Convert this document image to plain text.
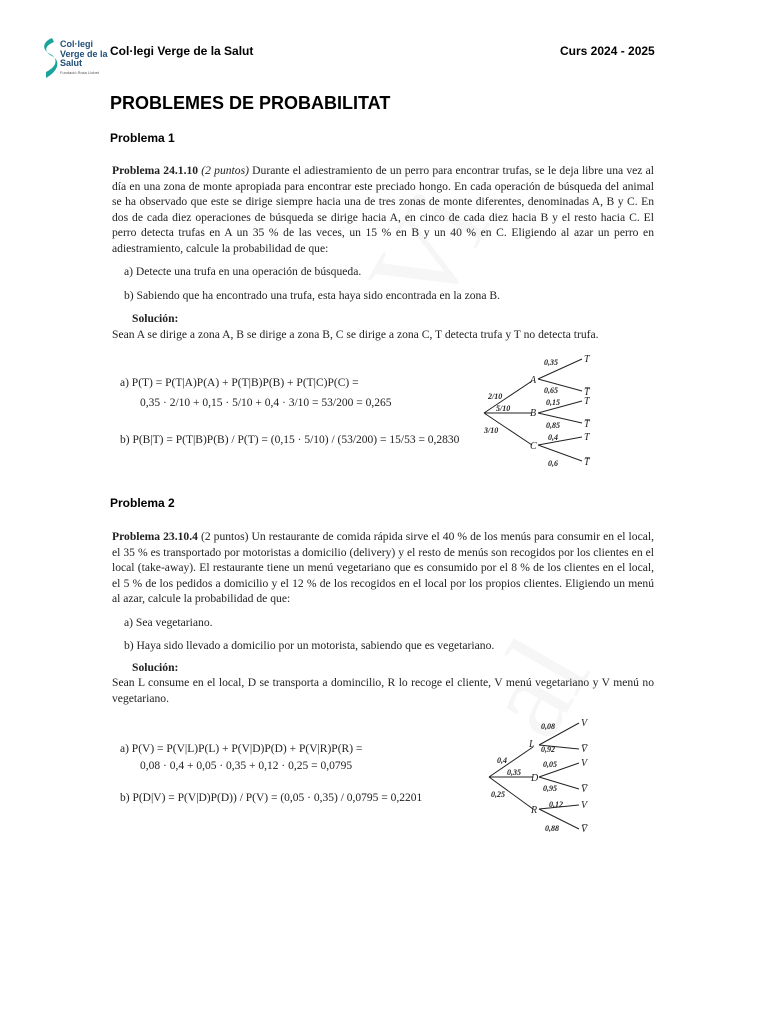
Col·legi
Verge de la
Salut
Fundació Rosa Llobet
Col·legi Verge de la Salut	Curs 2024 - 2025
PROBLEMES DE PROBABILITAT
Problema 1

Problema 24.1.10 (2 puntos) Durante el adiestramiento de un perro para encontrar trufas, se le deja libre una vez al día en una zona de monte apropiada para encontrar este preciado hongo. En cada operación de búsqueda del animal se ha observado que este se dirige siempre hacia una de tres zonas de monte diferentes, denominadas A, B y C. En dos de cada diez operaciones de búsqueda se dirige hacia A, en cinco de cada diez hacia B y el resto hacia C. El perro detecta trufas en A un 35 % de las veces, un 15 % en B y un 40 % en C. Eligiendo al azar un perro en adiestramiento, calcule la probabilidad de que:

a) Detecte una trufa en una operación de búsqueda.

b) Sabiendo que ha encontrado una trufa, esta haya sido encontrada en la zona B.

Solución:

Sean A se dirige a zona A, B se dirige a zona B, C se dirige a zona C, T detecta trufa y T no detecta trufa.

a) P(T) = P(T|A)P(A) + P(T|B)P(B) + P(T|C)P(C) =
0,35 · 2/10 + 0,15 · 5/10 + 0,4 · 3/10 = 53/200 = 0,265
b) P(B|T) = P(T|B)P(B) / P(T) = (0,15 · 5/10) / (53/200) = 15/53 = 0,2830
2/10
5/10
3/10
0,35
0,65
0,15
0,85
0,4
0,6
A
B
C
T
T̅
T
T̅
T
T̅
Problema 2

Problema 23.10.4 (2 puntos) Un restaurante de comida rápida sirve el 40 % de los menús para consumir en el local, el 35 % es transportado por motoristas a domicilio (delivery) y el resto de menús son recogidos por los clientes en el local (take-away). El restaurante tiene un menú vegetariano que es consumido por el 8 % de los clientes en el local, el 5 % de los pedidos a domicilio y el 12 % de los recogidos en el local por los propios clientes. Eligiendo un menú al azar, calcule la probabilidad de que:

a) Sea vegetariano.

b) Haya sido llevado a domicilio por un motorista, sabiendo que es vegetariano.

Solución:

Sean L consume en el local, D se transporta a domincilio, R lo recoge el cliente, V menú vegetariano y V menú no vegetariano.

a) P(V) = P(V|L)P(L) + P(V|D)P(D) + P(V|R)P(R) =
0,08 · 0,4 + 0,05 · 0,35 + 0,12 · 0,25 = 0,0795
b) P(D|V) = P(V|D)P(D)) / P(V) = (0,05 · 0,35) / 0,0795 = 0,2201
0,4
0,35
0,25
0,08
0,92
0,05
0,95
0,12
0,88
L
D
R
V
V̅
V
V̅
V
V̅
